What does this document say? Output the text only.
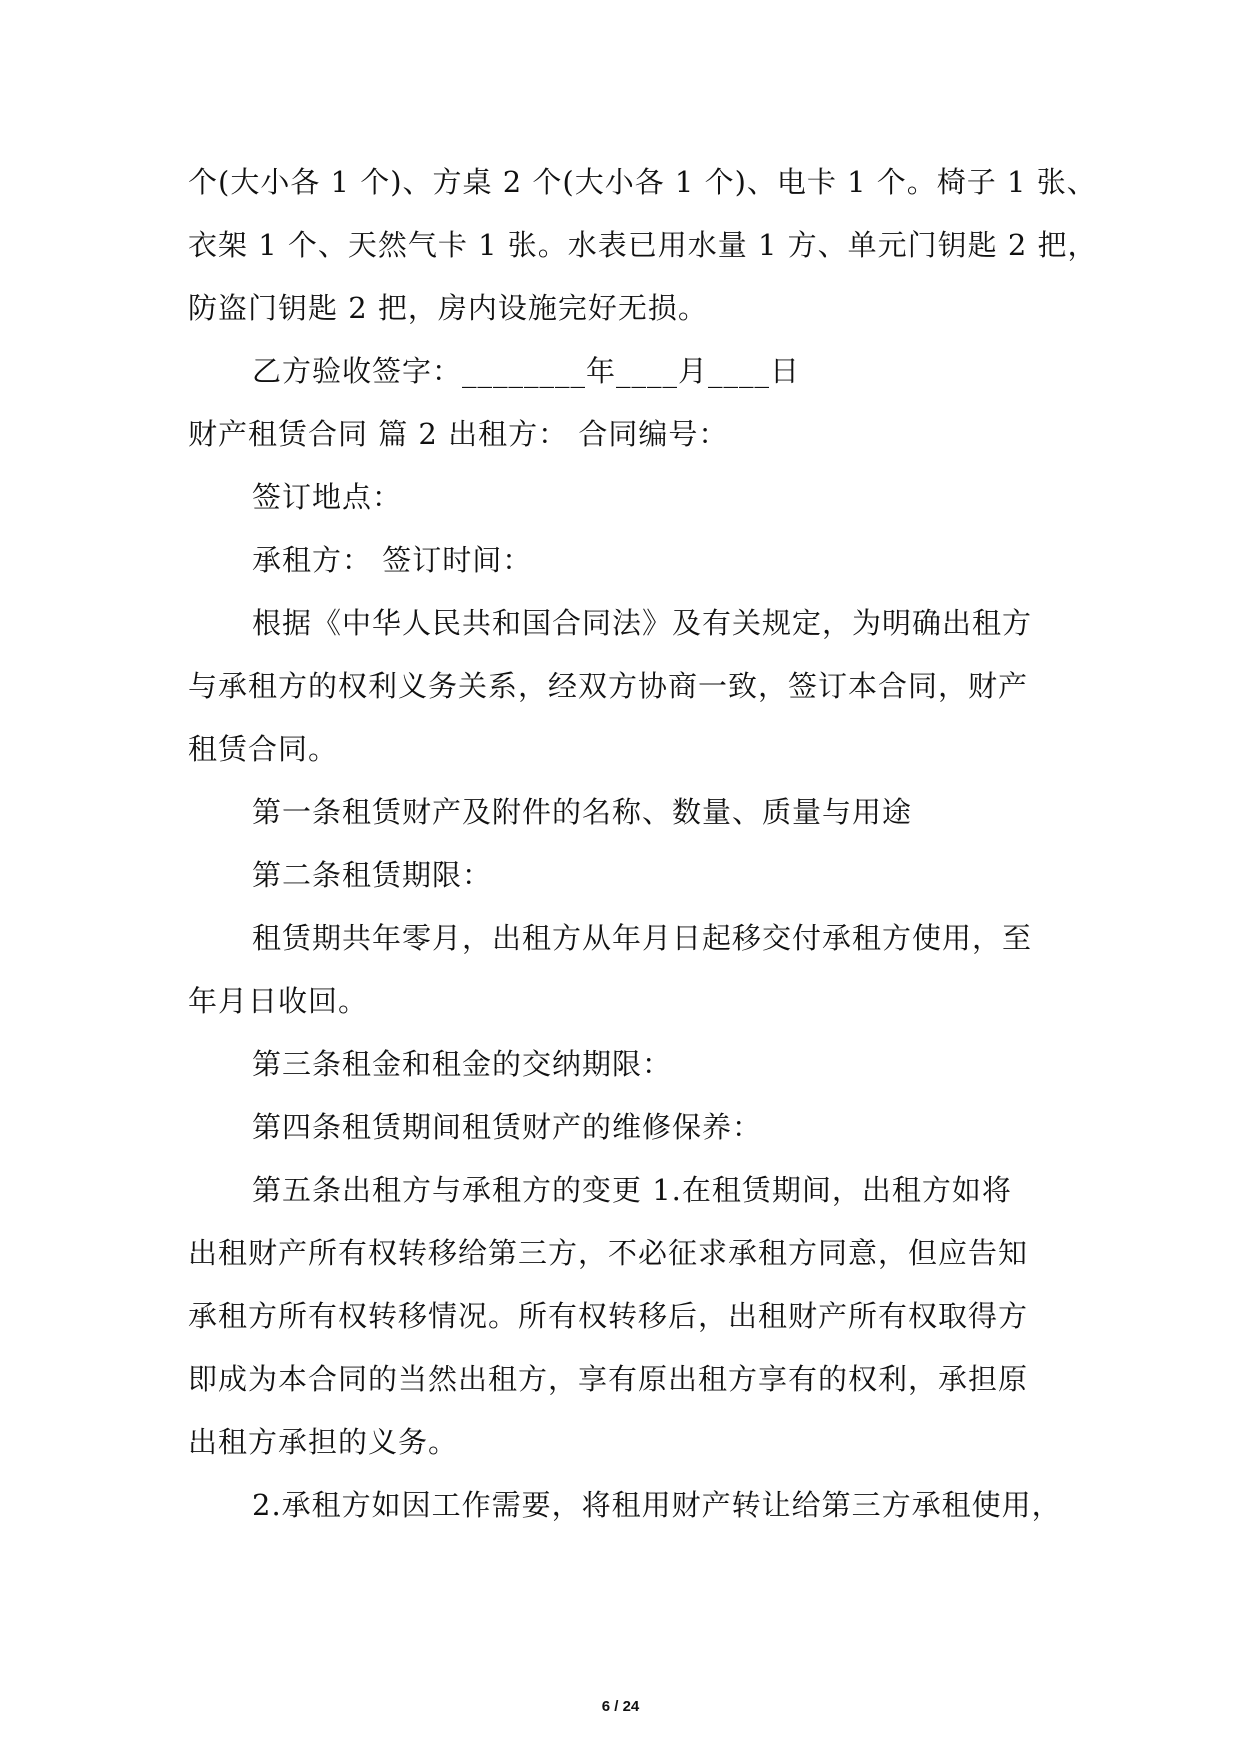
个(大小各 1 个)、方桌 2 个(大小各 1 个)、电卡 1 个。椅子 1 张、
衣架 1 个、天然气卡 1 张。水表已用水量 1 方、单元门钥匙 2 把，
防盗门钥匙 2 把，房内设施完好无损。
乙方验收签字：________年____月____日
财产租赁合同 篇 2 出租方： 合同编号：
签订地点：
承租方： 签订时间：
根据《中华人民共和国合同法》及有关规定，为明确出租方
与承租方的权利义务关系，经双方协商一致，签订本合同，财产
租赁合同。
第一条租赁财产及附件的名称、数量、质量与用途
第二条租赁期限：
租赁期共年零月，出租方从年月日起移交付承租方使用，至
年月日收回。
第三条租金和租金的交纳期限：
第四条租赁期间租赁财产的维修保养：
第五条出租方与承租方的变更 1.在租赁期间，出租方如将
出租财产所有权转移给第三方，不必征求承租方同意，但应告知
承租方所有权转移情况。所有权转移后，出租财产所有权取得方
即成为本合同的当然出租方，享有原出租方享有的权利，承担原
出租方承担的义务。
2.承租方如因工作需要，将租用财产转让给第三方承租使用，
6 / 24
